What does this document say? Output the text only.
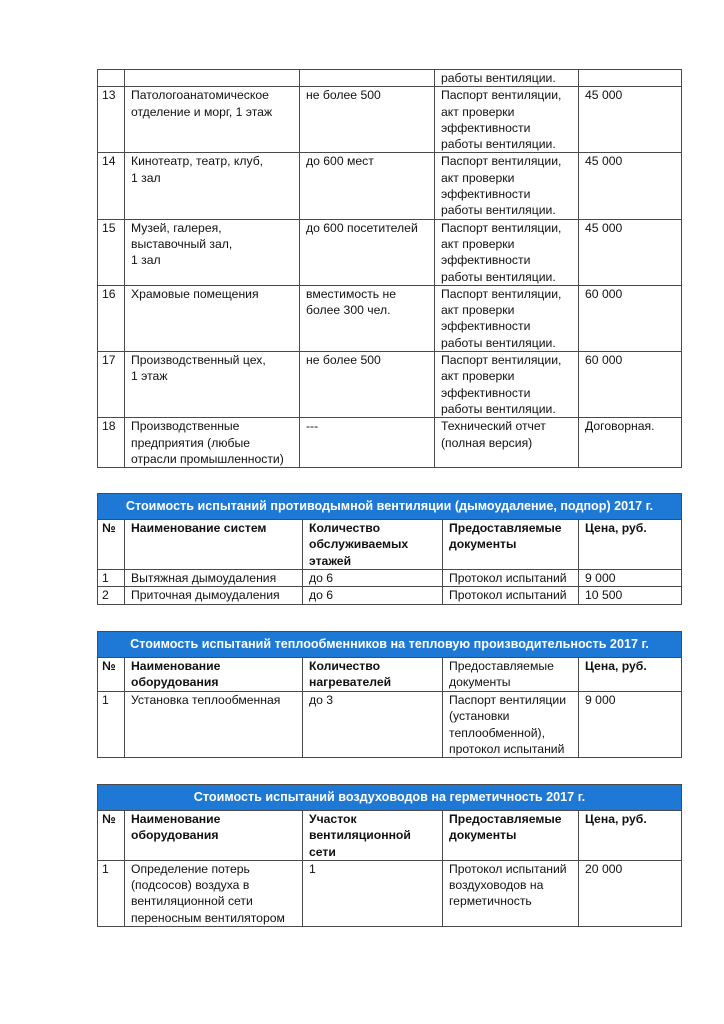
			работы вентиляции.	
13	Патологоанатомическое
отделение и морг, 1 этаж	не более 500	Паспорт вентиляции,
акт проверки
эффективности
работы вентиляции.	45 000
14	Кинотеатр, театр, клуб,
1 зал	до 600 мест	Паспорт вентиляции,
акт проверки
эффективности
работы вентиляции.	45 000
15	Музей, галерея,
выставочный зал,
1 зал	до 600 посетителей	Паспорт вентиляции,
акт проверки
эффективности
работы вентиляции.	45 000
16	Храмовые помещения	вместимость не
более 300 чел.	Паспорт вентиляции,
акт проверки
эффективности
работы вентиляции.	60 000
17	Производственный цех,
1 этаж	не более 500	Паспорт вентиляции,
акт проверки
эффективности
работы вентиляции.	60 000
18	Производственные
предприятия (любые
отрасли промышленности)	---	Технический отчет
(полная версия)	Договорная.
Стоимость испытаний противодымной вентиляции (дымоудаление, подпор) 2017 г.				
№	Наименование систем	Количество
обслуживаемых
этажей	Предоставляемые
документы	Цена, руб.
1	Вытяжная дымоудаления	до 6	Протокол испытаний	9 000
2	Приточная дымоудаления	до 6	Протокол испытаний	10 500
Стоимость испытаний теплообменников на тепловую производительность 2017 г.				
№	Наименование
оборудования	Количество
нагревателей	Предоставляемые
документы	Цена, руб.
1	Установка теплообменная	до 3	Паспорт вентиляции
(установки
теплообменной),
протокол испытаний	9 000
Стоимость испытаний воздуховодов на герметичность 2017 г.				
№	Наименование
оборудования	Участок
вентиляционной сети	Предоставляемые
документы	Цена, руб.
1	Определение потерь
(подсосов) воздуха в
вентиляционной сети
переносным вентилятором	1	Протокол испытаний
воздуховодов на
герметичность	20 000
